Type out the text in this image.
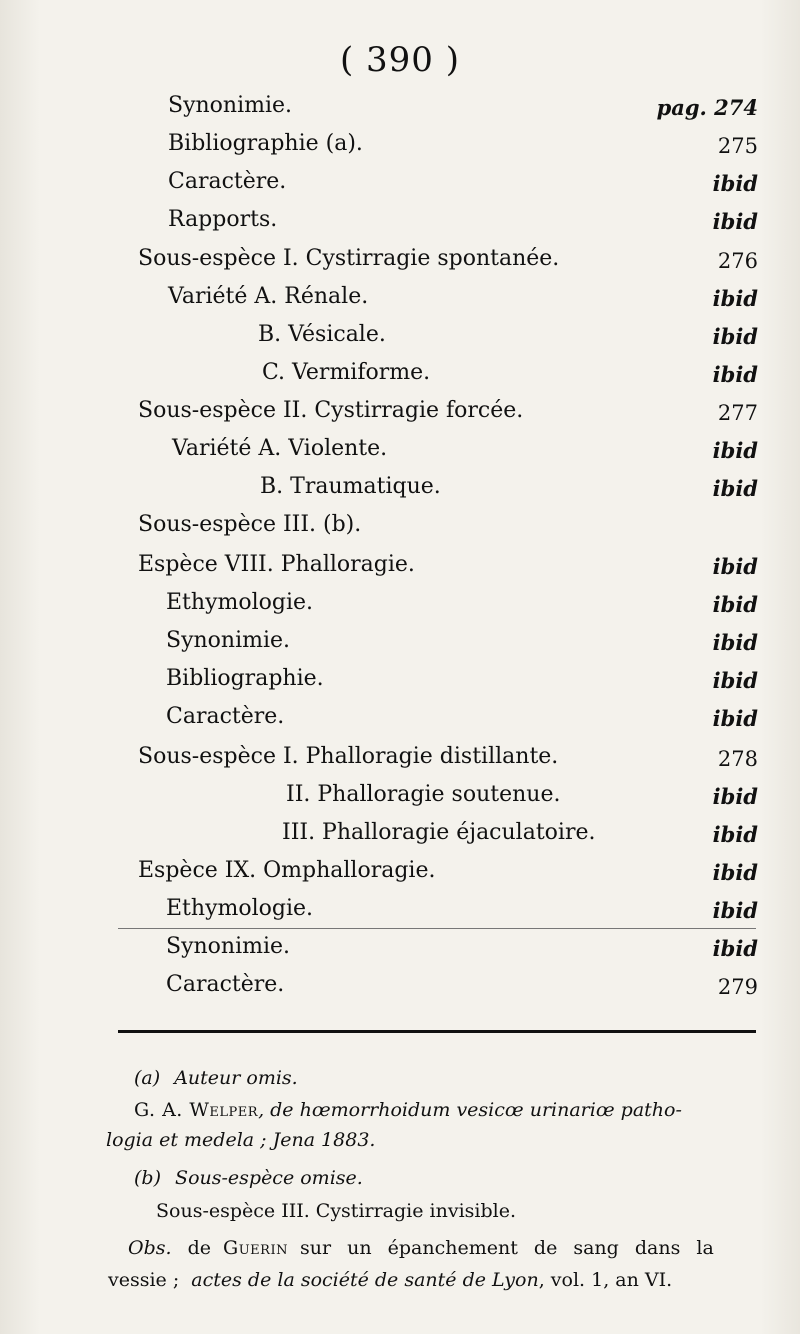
( 390 )
Synonimie.	pag. 274
Bibliographie (a).	275
Caractère.	ibid
Rapports.	ibid
Sous-espèce I. Cystirragie spontanée.	276
Variété A. Rénale.	ibid
B. Vésicale.	ibid
C. Vermiforme.	ibid
Sous-espèce II. Cystirragie forcée.	277
Variété A. Violente.	ibid
B. Traumatique.	ibid
Sous-espèce III. (b).
Espèce VIII. Phalloragie.	ibid
Ethymologie.	ibid
Synonimie.	ibid
Bibliographie.	ibid
Caractère.	ibid
Sous-espèce I. Phalloragie distillante.	278
II. Phalloragie soutenue.	ibid
III. Phalloragie éjaculatoire.	ibid
Espèce IX. Omphalloragie.	ibid
Ethymologie.	ibid
Synonimie.	ibid
Caractère.	279
(a) Auteur omis.
G. A. Welper, de hœmorrhoidum vesicœ urinariœ patho-
logia et medela ; Jena 1883.
(b) Sous-espèce omise.
Sous-espèce III. Cystirragie invisible.
Obs. de Guerin sur un épanchement de sang dans la
vessie ; actes de la société de santé de Lyon, vol. 1, an VI.
